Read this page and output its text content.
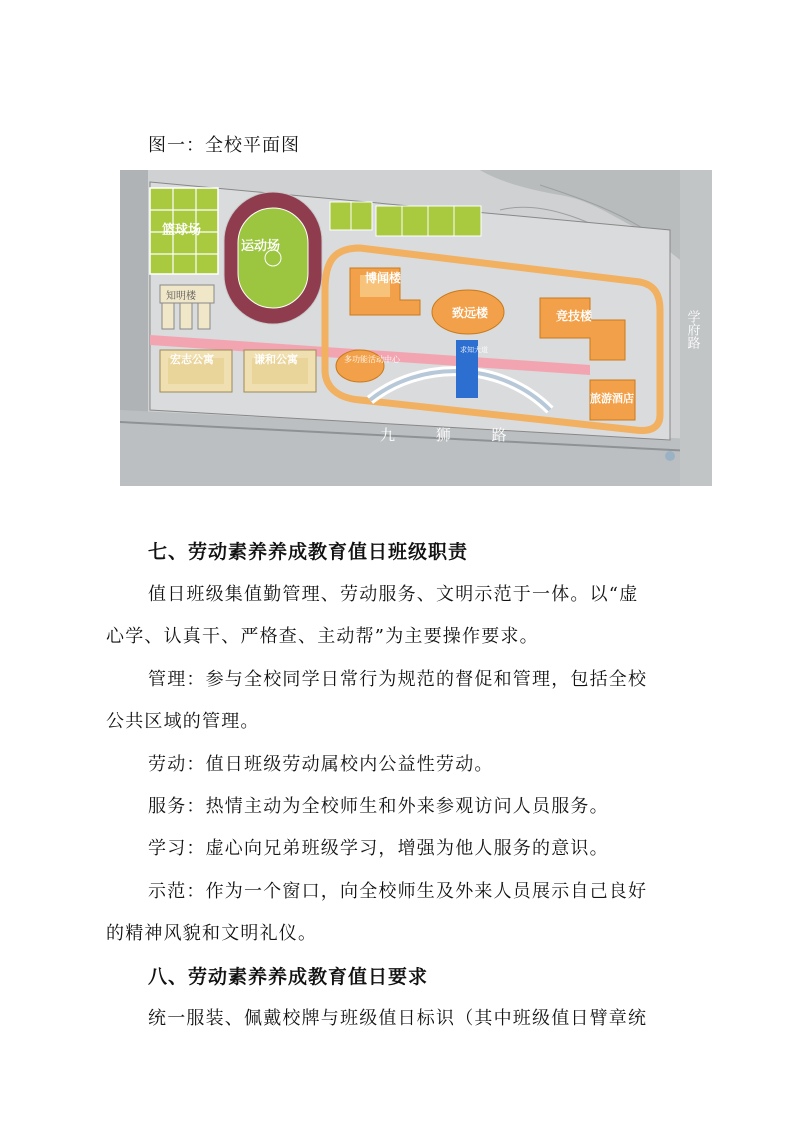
图一：全校平面图
篮球场
运动场
知明楼
博闻楼
致远楼	竞技楼
宏志公寓	谦和公寓	多功能活动中心
求知大道
旅游酒店
九 狮 路
学府路
七、劳动素养养成教育值日班级职责
值日班级集值勤管理、劳动服务、文明示范于一体。以“虚
心学、认真干、严格查、主动帮”为主要操作要求。
管理：参与全校同学日常行为规范的督促和管理，包括全校
公共区域的管理。
劳动：值日班级劳动属校内公益性劳动。
服务：热情主动为全校师生和外来参观访问人员服务。
学习：虚心向兄弟班级学习，增强为他人服务的意识。
示范：作为一个窗口，向全校师生及外来人员展示自己良好
的精神风貌和文明礼仪。
八、劳动素养养成教育值日要求
统一服装、佩戴校牌与班级值日标识（其中班级值日臂章统
